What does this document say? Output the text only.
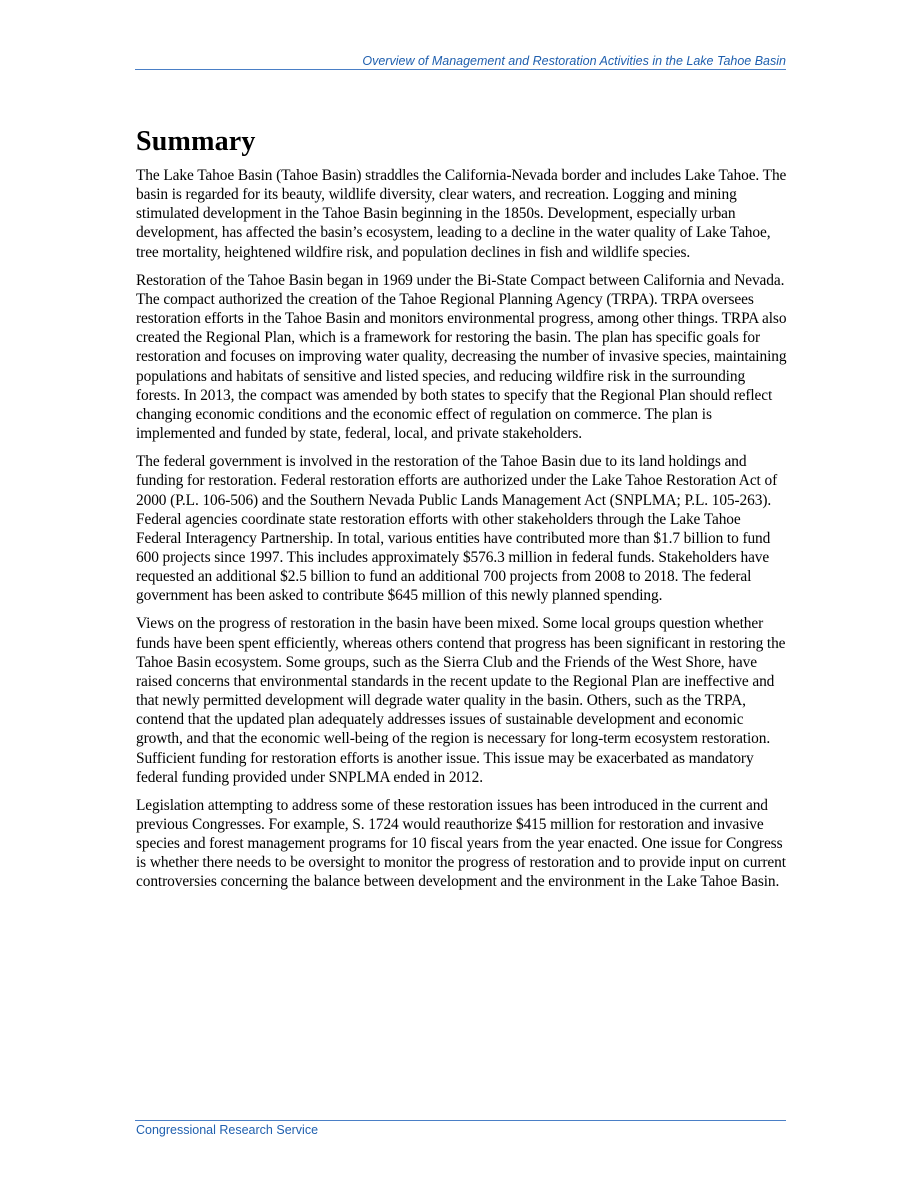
Overview of Management and Restoration Activities in the Lake Tahoe Basin
Summary

The Lake Tahoe Basin (Tahoe Basin) straddles the California-Nevada border and includes Lake Tahoe. The basin is regarded for its beauty, wildlife diversity, clear waters, and recreation. Logging and mining stimulated development in the Tahoe Basin beginning in the 1850s. Development, especially urban development, has affected the basin’s ecosystem, leading to a decline in the water quality of Lake Tahoe, tree mortality, heightened wildfire risk, and population declines in fish and wildlife species.

Restoration of the Tahoe Basin began in 1969 under the Bi-State Compact between California and Nevada. The compact authorized the creation of the Tahoe Regional Planning Agency (TRPA). TRPA oversees restoration efforts in the Tahoe Basin and monitors environmental progress, among other things. TRPA also created the Regional Plan, which is a framework for restoring the basin. The plan has specific goals for restoration and focuses on improving water quality, decreasing the number of invasive species, maintaining populations and habitats of sensitive and listed species, and reducing wildfire risk in the surrounding forests. In 2013, the compact was amended by both states to specify that the Regional Plan should reflect changing economic conditions and the economic effect of regulation on commerce. The plan is implemented and funded by state, federal, local, and private stakeholders.

The federal government is involved in the restoration of the Tahoe Basin due to its land holdings and funding for restoration. Federal restoration efforts are authorized under the Lake Tahoe Restoration Act of 2000 (P.L. 106-506) and the Southern Nevada Public Lands Management Act (SNPLMA; P.L. 105-263). Federal agencies coordinate state restoration efforts with other stakeholders through the Lake Tahoe Federal Interagency Partnership. In total, various entities have contributed more than $1.7 billion to fund 600 projects since 1997. This includes approximately $576.3 million in federal funds. Stakeholders have requested an additional $2.5 billion to fund an additional 700 projects from 2008 to 2018. The federal government has been asked to contribute $645 million of this newly planned spending.

Views on the progress of restoration in the basin have been mixed. Some local groups question whether funds have been spent efficiently, whereas others contend that progress has been significant in restoring the Tahoe Basin ecosystem. Some groups, such as the Sierra Club and the Friends of the West Shore, have raised concerns that environmental standards in the recent update to the Regional Plan are ineffective and that newly permitted development will degrade water quality in the basin. Others, such as the TRPA, contend that the updated plan adequately addresses issues of sustainable development and economic growth, and that the economic well-being of the region is necessary for long-term ecosystem restoration. Sufficient funding for restoration efforts is another issue. This issue may be exacerbated as mandatory federal funding provided under SNPLMA ended in 2012.

Legislation attempting to address some of these restoration issues has been introduced in the current and previous Congresses. For example, S. 1724 would reauthorize $415 million for restoration and invasive species and forest management programs for 10 fiscal years from the year enacted. One issue for Congress is whether there needs to be oversight to monitor the progress of restoration and to provide input on current controversies concerning the balance between development and the environment in the Lake Tahoe Basin.

Congressional Research Service
